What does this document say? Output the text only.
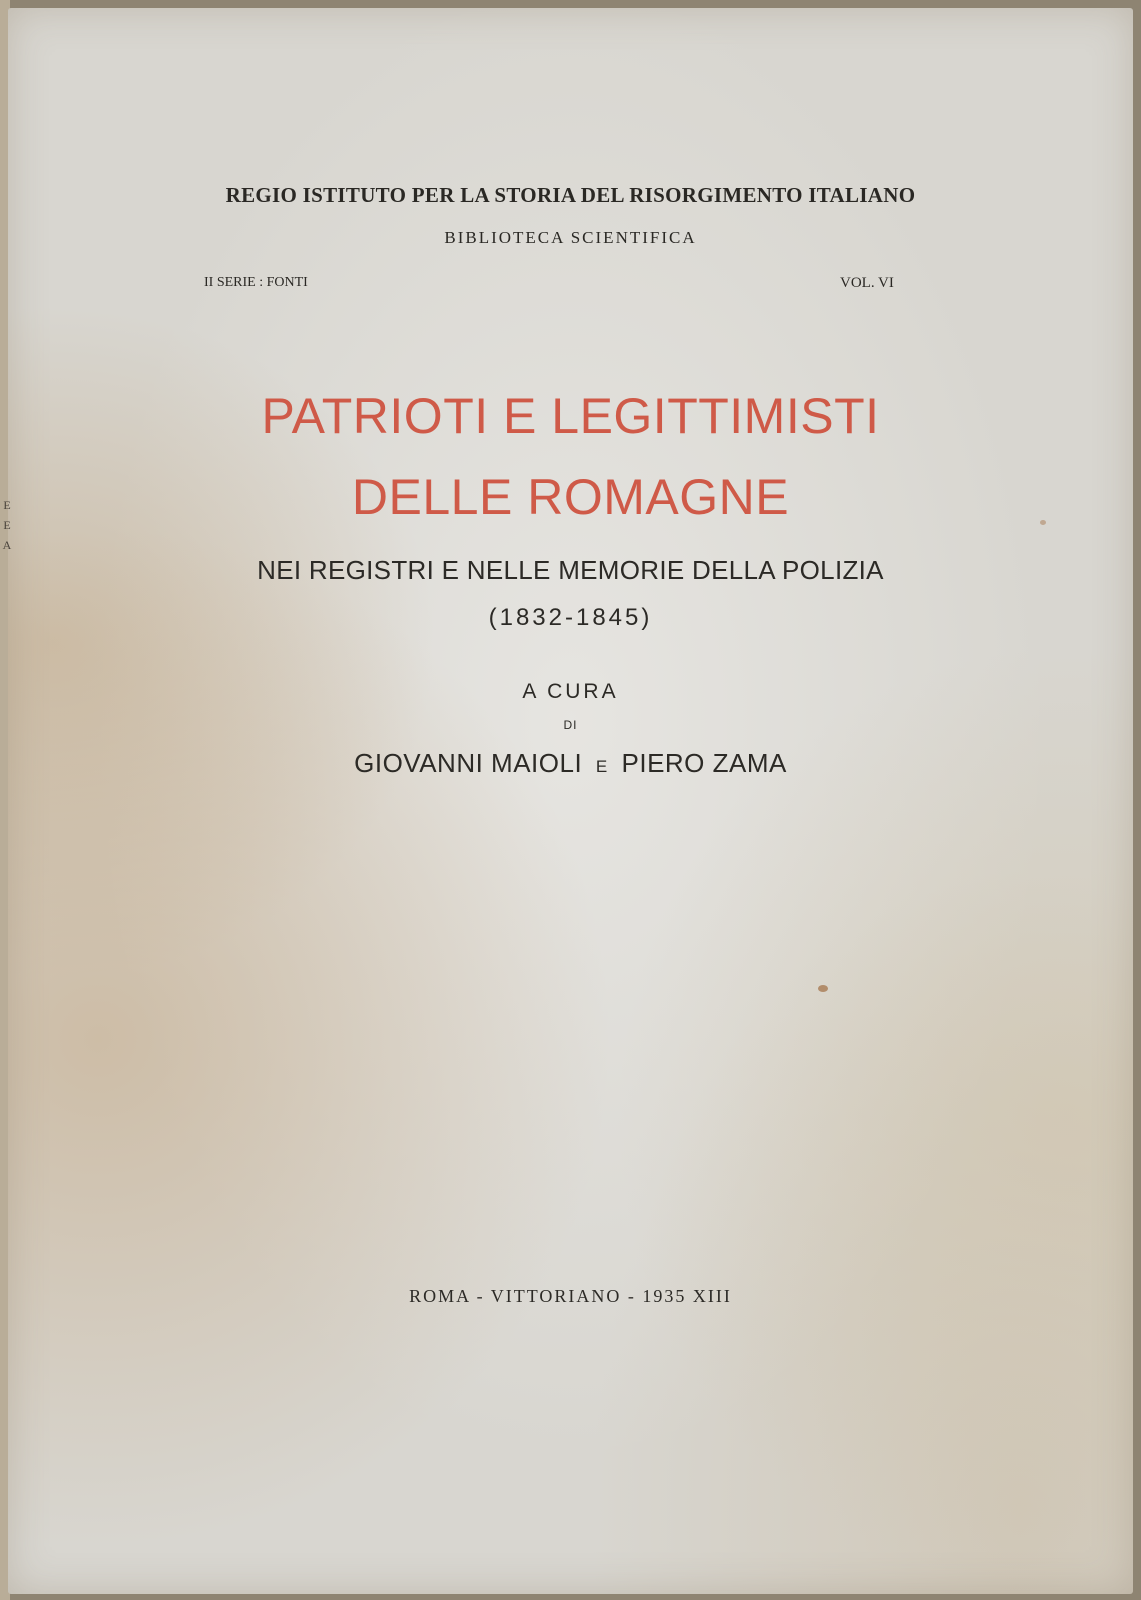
E
E
A
REGIO ISTITUTO PER LA STORIA DEL RISORGIMENTO ITALIANO
BIBLIOTECA SCIENTIFICA
II SERIE : FONTI	VOL. VI
PATRIOTI E LEGITTIMISTI
DELLE ROMAGNE
NEI REGISTRI E NELLE MEMORIE DELLA POLIZIA
(1832-1845)
A CURA
DI
GIOVANNI MAIOLI E PIERO ZAMA
ROMA - VITTORIANO - 1935 XIII
